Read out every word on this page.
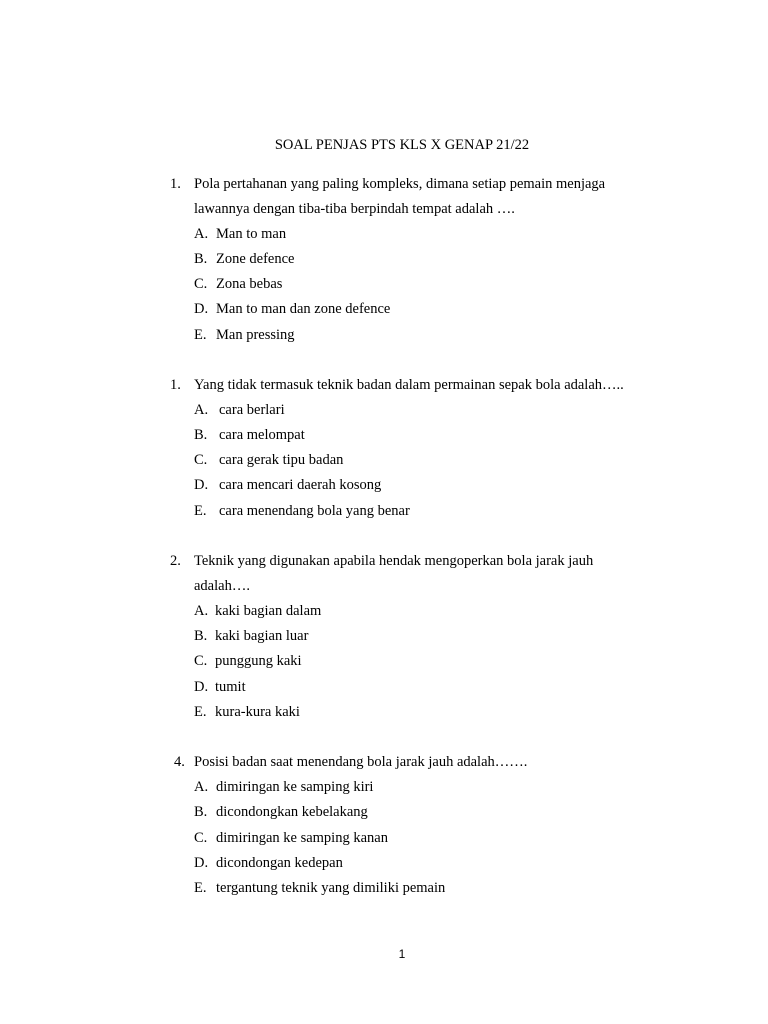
SOAL PENJAS PTS KLS X GENAP 21/22
1. Pola pertahanan yang paling kompleks, dimana setiap pemain menjaga
lawannya dengan tiba-tiba berpindah tempat adalah ….
A. Man to man
B. Zone defence
C. Zona bebas
D. Man to man dan zone defence
E. Man pressing
1. Yang tidak termasuk teknik badan dalam permainan sepak bola adalah…..
A. cara berlari
B. cara melompat
C. cara gerak tipu badan
D. cara mencari daerah kosong
E. cara menendang bola yang benar
2. Teknik yang digunakan apabila hendak mengoperkan bola jarak jauh
adalah….
A. kaki bagian dalam
B. kaki bagian luar
C. punggung kaki
D. tumit
E. kura-kura kaki
4. Posisi badan saat menendang bola jarak jauh adalah…….
A. dimiringan ke samping kiri
B. dicondongkan kebelakang
C. dimiringan ke samping kanan
D. dicondongan kedepan
E. tergantung teknik yang dimiliki pemain
1
